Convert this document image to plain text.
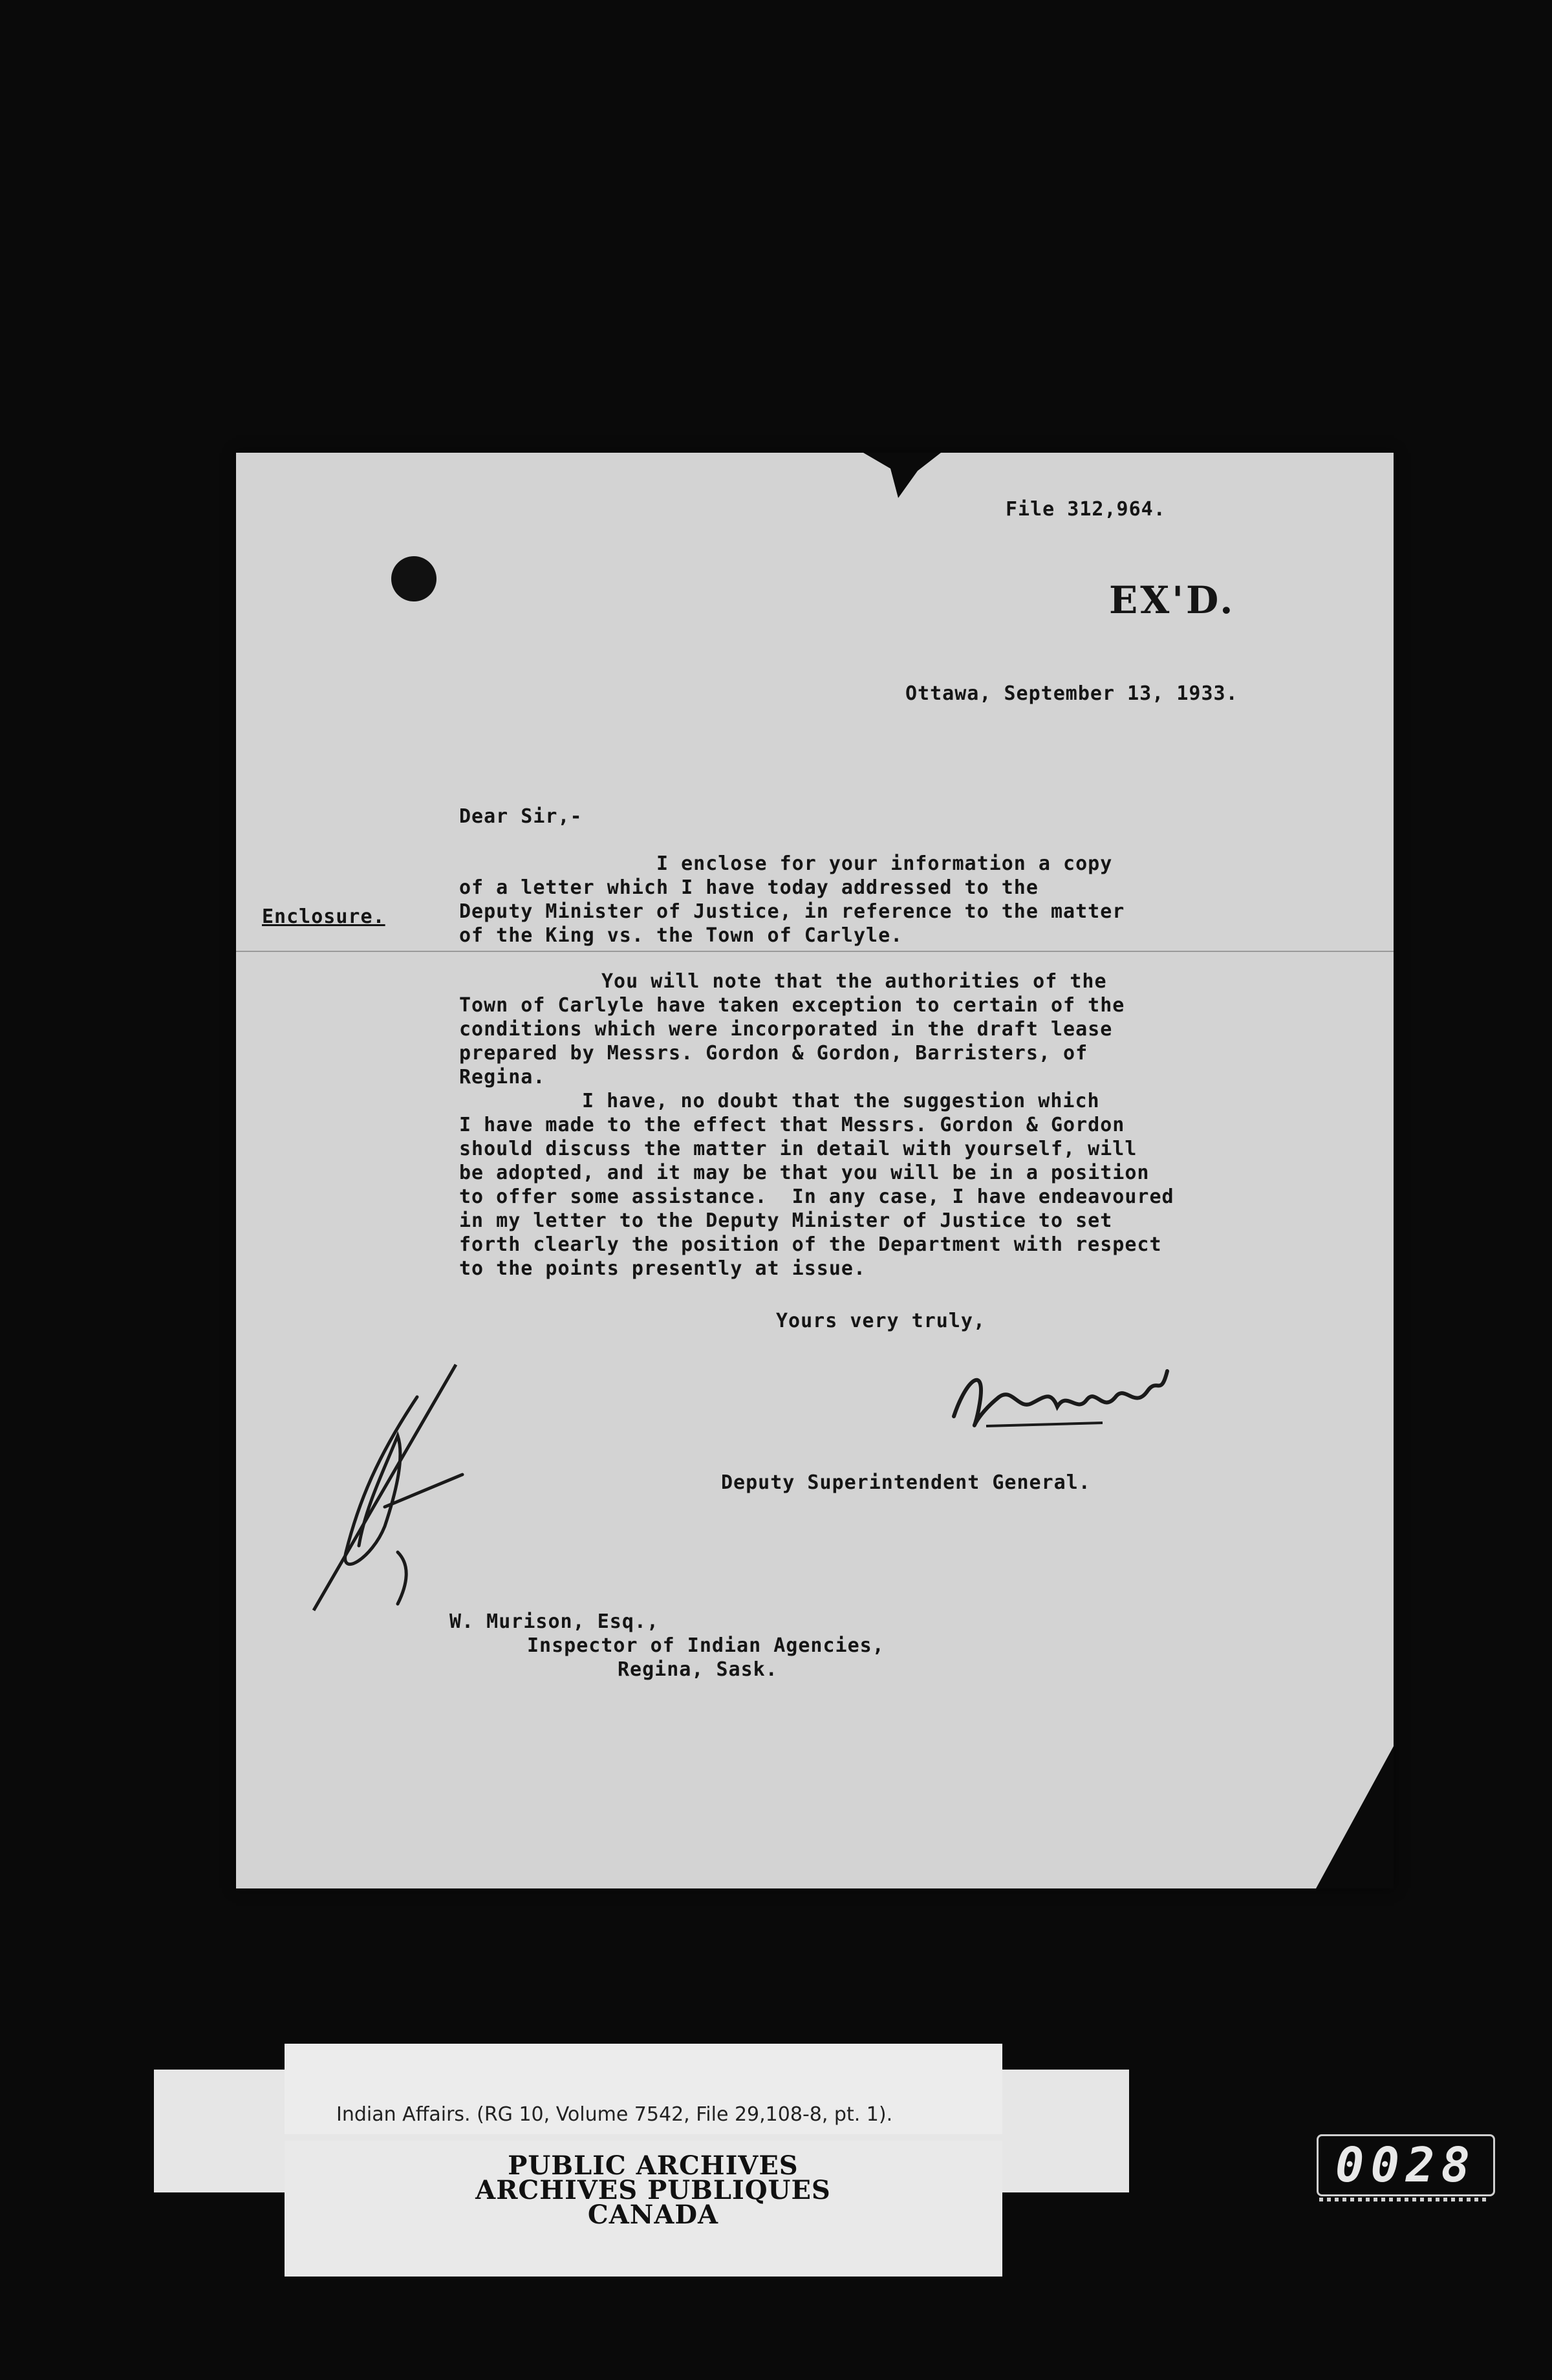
File 312,964.
EX'D.
Ottawa, September 13, 1933.
Dear Sir,-
Enclosure.
I enclose for your information a copy
of a letter which I have today addressed to the
Deputy Minister of Justice, in reference to the matter
of the King vs. the Town of Carlyle.
You will note that the authorities of the
Town of Carlyle have taken exception to certain of the
conditions which were incorporated in the draft lease
prepared by Messrs. Gordon & Gordon, Barristers, of
Regina.
I have, no doubt that the suggestion which
I have made to the effect that Messrs. Gordon & Gordon
should discuss the matter in detail with yourself, will
be adopted, and it may be that you will be in a position
to offer some assistance.  In any case, I have endeavoured
in my letter to the Deputy Minister of Justice to set
forth clearly the position of the Department with respect
to the points presently at issue.
Yours very truly,
Deputy Superintendent General.
W. Murison, Esq.,
Inspector of Indian Agencies,
Regina, Sask.
Indian Affairs. (RG 10, Volume 7542, File 29,108-8, pt. 1).
PUBLIC ARCHIVES
ARCHIVES PUBLIQUES
CANADA
0028
